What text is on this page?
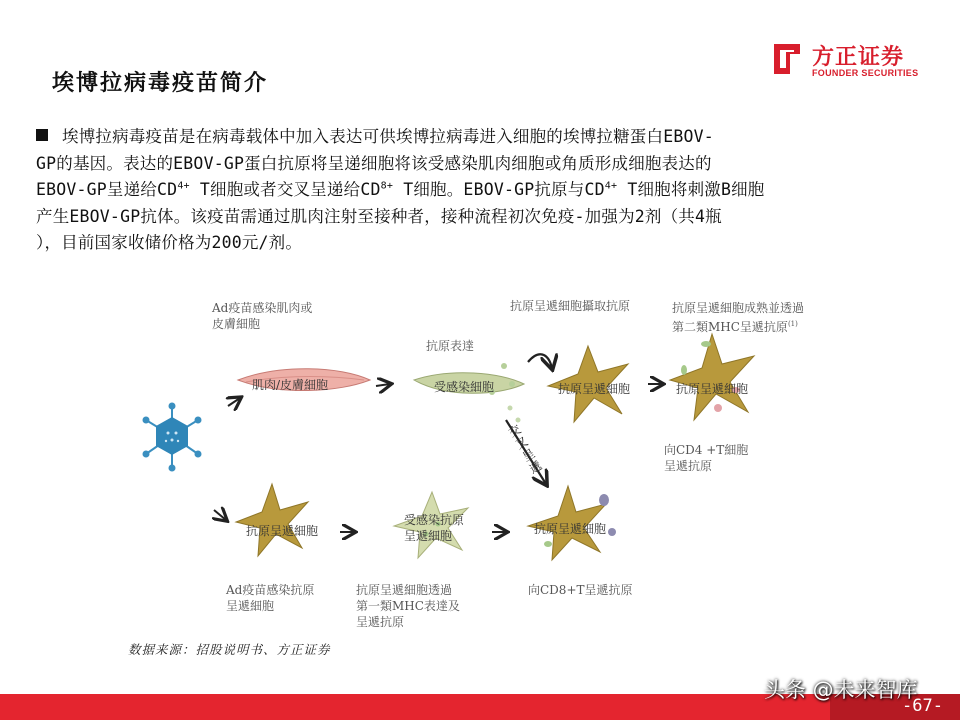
埃博拉病毒疫苗简介
方正证券
FOUNDER SECURITIES
埃博拉病毒疫苗是在病毒载体中加入表达可供埃博拉病毒进入细胞的埃博拉糖蛋白EBOV-
GP的基因。表达的EBOV-GP蛋白抗原将呈递细胞将该受感染肌肉细胞或角质形成细胞表达的
EBOV-GP呈递给$CD^{4+}$ T细胞或者交叉呈递给$CD^{8+}$ T细胞。EBOV-GP抗原与$CD^{4+}$ T细胞将刺激B细胞
产生EBOV-GP抗体。该疫苗需通过肌肉注射至接种者，接种流程初次免疫-加强为2剂（共4瓶
），目前国家收储价格为200元/剂。
Ad疫苗感染肌肉或
皮膚細胞
肌肉/皮膚細胞
抗原表達
受感染細胞
抗原呈遞細胞攝取抗原
抗原呈遞細胞
抗原呈遞細胞成熟並透過
第二類MHC呈遞抗原$^{(1)}$
抗原呈遞細胞
向CD4 +T細胞
呈遞抗原
交叉呈遞
抗原呈遞細胞
受感染抗原
呈遞細胞	抗原呈遞細胞
Ad疫苗感染抗原
呈遞細胞
抗原呈遞細胞透過
第一類MHC表達及
呈遞抗原
向CD8+T呈遞抗原
数据来源：招股说明书、方正证券
头条 @未来智库
-67-
